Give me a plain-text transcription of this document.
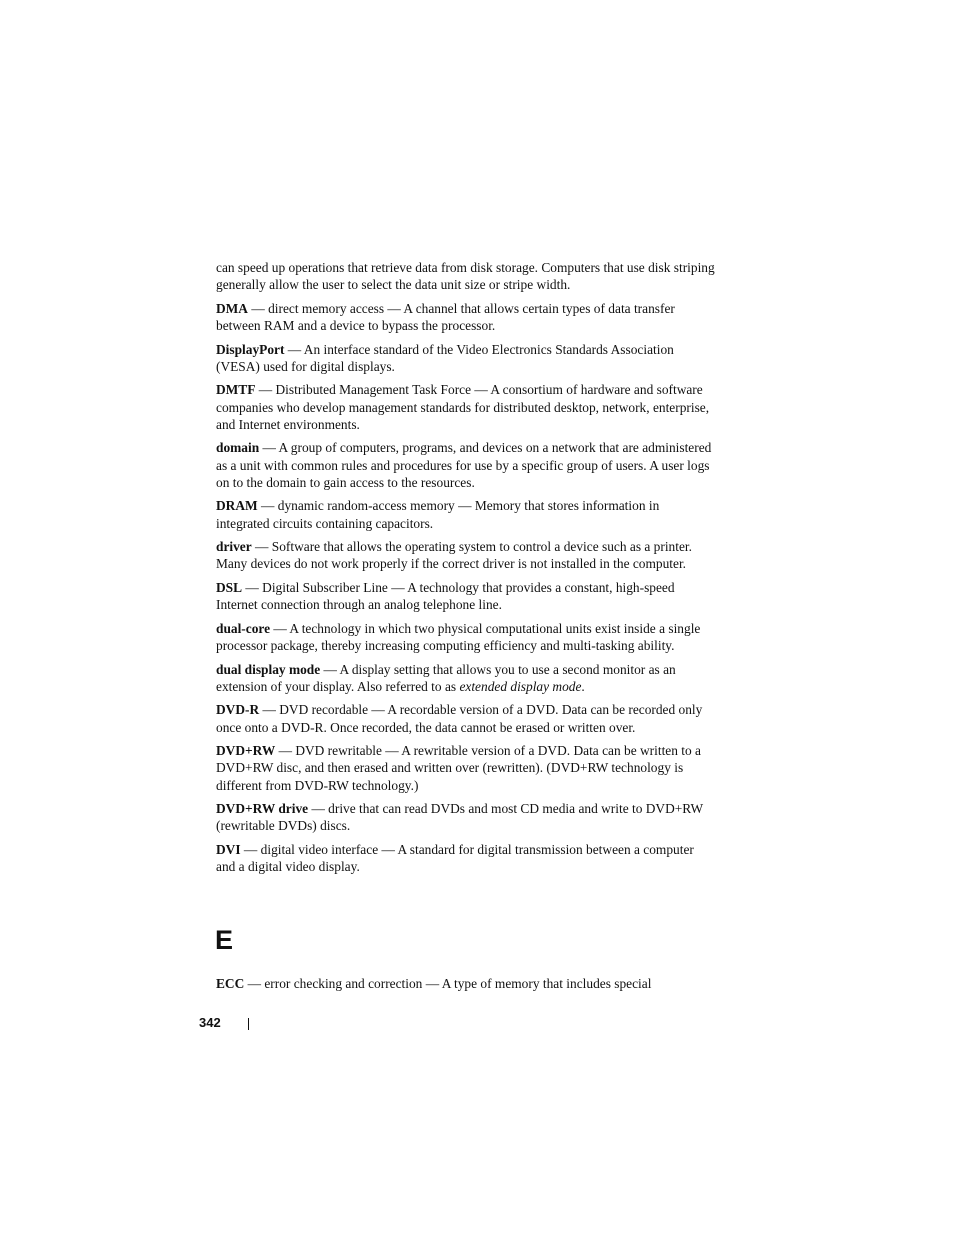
can speed up operations that retrieve data from disk storage. Computers that use disk striping generally allow the user to select the data unit size or stripe width.

DMA — direct memory access — A channel that allows certain types of data transfer between RAM and a device to bypass the processor.

DisplayPort — An interface standard of the Video Electronics Standards Association (VESA) used for digital displays.

DMTF — Distributed Management Task Force — A consortium of hardware and software companies who develop management standards for distributed desktop, network, enterprise, and Internet environments.

domain — A group of computers, programs, and devices on a network that are administered as a unit with common rules and procedures for use by a specific group of users. A user logs on to the domain to gain access to the resources.

DRAM — dynamic random-access memory — Memory that stores information in integrated circuits containing capacitors.

driver — Software that allows the operating system to control a device such as a printer. Many devices do not work properly if the correct driver is not installed in the computer.

DSL — Digital Subscriber Line — A technology that provides a constant, high-speed Internet connection through an analog telephone line.

dual-core — A technology in which two physical computational units exist inside a single processor package, thereby increasing computing efficiency and multi-tasking ability.

dual display mode — A display setting that allows you to use a second monitor as an extension of your display. Also referred to as extended display mode.

DVD-R — DVD recordable — A recordable version of a DVD. Data can be recorded only once onto a DVD-R. Once recorded, the data cannot be erased or written over.

DVD+RW — DVD rewritable — A rewritable version of a DVD. Data can be written to a DVD+RW disc, and then erased and written over (rewritten). (DVD+RW technology is different from DVD-RW technology.)

DVD+RW drive — drive that can read DVDs and most CD media and write to DVD+RW (rewritable DVDs) discs.

DVI — digital video interface — A standard for digital transmission between a computer and a digital video display.

E

ECC — error checking and correction — A type of memory that includes special

342
